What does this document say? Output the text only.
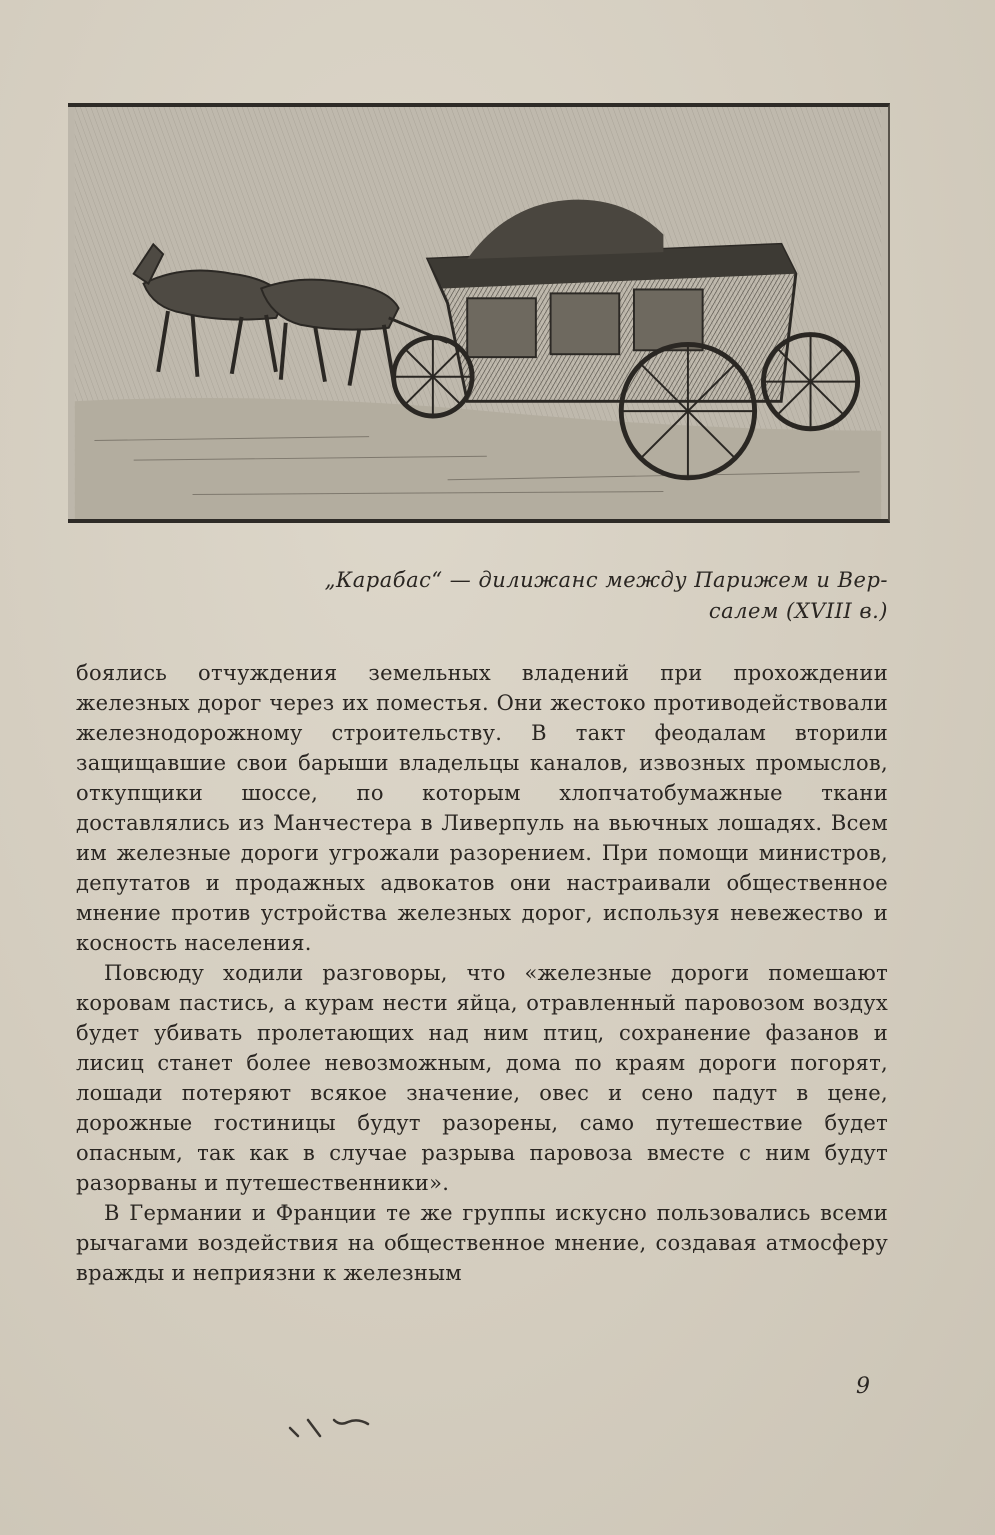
„Карабас“ — дилижанс между Парижем и Вер-
салем (XVIII в.)

боялись отчуждения земельных владений при прохождении железных дорог через их поместья. Они жестоко противодействовали железнодорожному строительству. В такт феодалам вторили защищавшие свои барыши владельцы каналов, извозных промыслов, откупщики шоссе, по которым хлопчатобумажные ткани доставлялись из Манчестера в Ливерпуль на вьючных лошадях. Всем им железные дороги угрожали разорением. При помощи министров, депутатов и продажных адвокатов они настраивали общественное мнение против устройства железных дорог, используя невежество и косность населения.

Повсюду ходили разговоры, что «железные дороги помешают коровам пастись, а курам нести яйца, отравленный паровозом воздух будет убивать пролетающих над ним птиц, сохранение фазанов и лисиц станет более невозможным, дома по краям дороги погорят, лошади потеряют всякое значение, овес и сено падут в цене, дорожные гостиницы будут разорены, само путешествие будет опасным, так как в случае разрыва паровоза вместе с ним будут разорваны и путешественники».

В Германии и Франции те же группы искусно пользовались всеми рычагами воздействия на общественное мнение, создавая атмосферу вражды и неприязни к железным

9
